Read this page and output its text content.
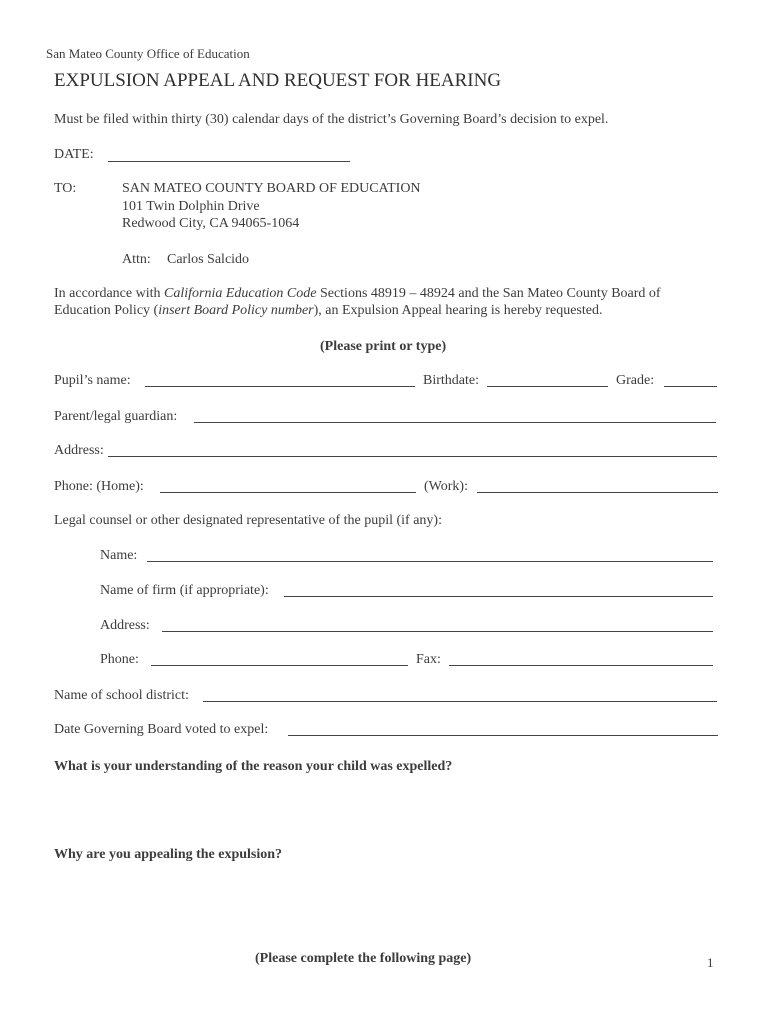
San Mateo County Office of Education
EXPULSION APPEAL AND REQUEST FOR HEARING
Must be filed within thirty (30) calendar days of the district’s Governing Board’s decision to expel.
DATE:
TO:	SAN MATEO COUNTY BOARD OF EDUCATION
101 Twin Dolphin Drive
Redwood City, CA 94065-1064
Attn: Carlos Salcido
In accordance with California Education Code Sections 48919 – 48924 and the San Mateo County Board of
Education Policy (insert Board Policy number), an Expulsion Appeal hearing is hereby requested.
(Please print or type)
Pupil’s name:	Birthdate:	Grade:
Parent/legal guardian:
Address:
Phone: (Home):	(Work):
Legal counsel or other designated representative of the pupil (if any):
Name:
Name of firm (if appropriate):
Address:
Phone:	Fax:
Name of school district:
Date Governing Board voted to expel:
What is your understanding of the reason your child was expelled?
Why are you appealing the expulsion?
(Please complete the following page)	1
